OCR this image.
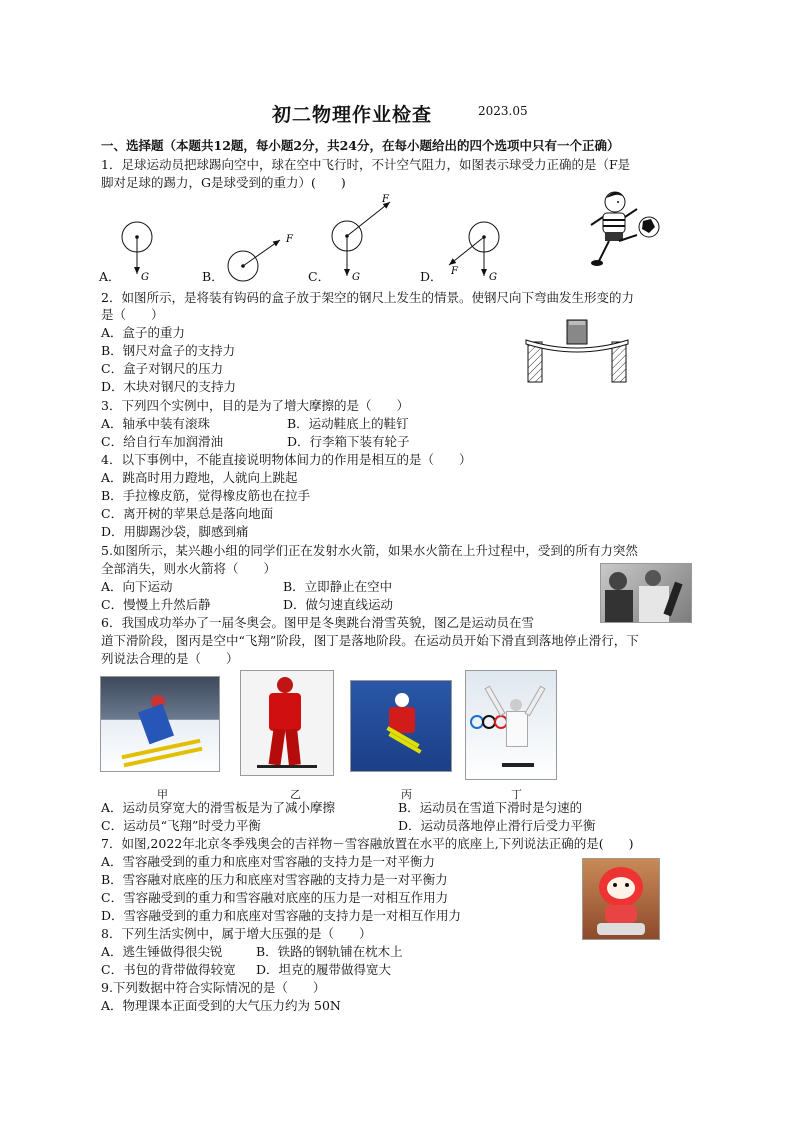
初二物理作业检查	2023.05
一、选择题（本题共12题，每小题2分，共24分，在每小题给出的四个选项中只有一个正确）
1．足球运动员把球踢向空中，球在空中飞行时，不计空气阻力，如图表示球受力正确的是（F是
脚对足球的踢力，G是球受到的重力）(　　)
A．	B．	C．	D．
G
F
F
G
F
G
2．如图所示，是将装有钩码的盒子放于架空的钢尺上发生的情景。使钢尺向下弯曲发生形变的力
是（　　）
A．盒子的重力
B．钢尺对盒子的支持力
C．盒子对钢尺的压力
D．木块对钢尺的支持力
3．下列四个实例中，目的是为了增大摩擦的是（　　）
A．轴承中装有滚珠	B．运动鞋底上的鞋钉
C．给自行车加润滑油	D．行李箱下装有轮子
4．以下事例中，不能直接说明物体间力的作用是相互的是（　　）
A．跳高时用力蹬地，人就向上跳起
B．手拉橡皮筋，觉得橡皮筋也在拉手
C．离开树的苹果总是落向地面
D．用脚踢沙袋，脚感到痛
5.如图所示，某兴趣小组的同学们正在发射水火箭，如果水火箭在上升过程中，受到的所有力突然
全部消失，则水火箭将（　　）
A．向下运动	B．立即静止在空中
C．慢慢上升然后静	D．做匀速直线运动
6．我国成功举办了一届冬奥会。图甲是冬奥跳台滑雪英貌，图乙是运动员在雪
道下滑阶段，图丙是空中“飞翔”阶段，图丁是落地阶段。在运动员开始下滑直到落地停止滑行，下
列说法合理的是（　　）
甲	乙	丙	丁
A．运动员穿宽大的滑雪板是为了减小摩擦	B．运动员在雪道下滑时是匀速的
C．运动员“飞翔”时受力平衡	D．运动员落地停止滑行后受力平衡
7．如图,2022年北京冬季残奥会的吉祥物－雪容融放置在水平的底座上,下列说法正确的是(　　)
A．雪容融受到的重力和底座对雪容融的支持力是一对平衡力
B．雪容融对底座的压力和底座对雪容融的支持力是一对平衡力
C．雪容融受到的重力和雪容融对底座的压力是一对相互作用力
D．雪容融受到的重力和底座对雪容融的支持力是一对相互作用力
8．下列生活实例中，属于增大压强的是（　　）
A．逃生锤做得很尖锐	B．铁路的钢轨铺在枕木上
C．书包的背带做得较宽 D．坦克的履带做得宽大
9.下列数据中符合实际情况的是（　　）
A．物理课本正面受到的大气压力约为 50N
